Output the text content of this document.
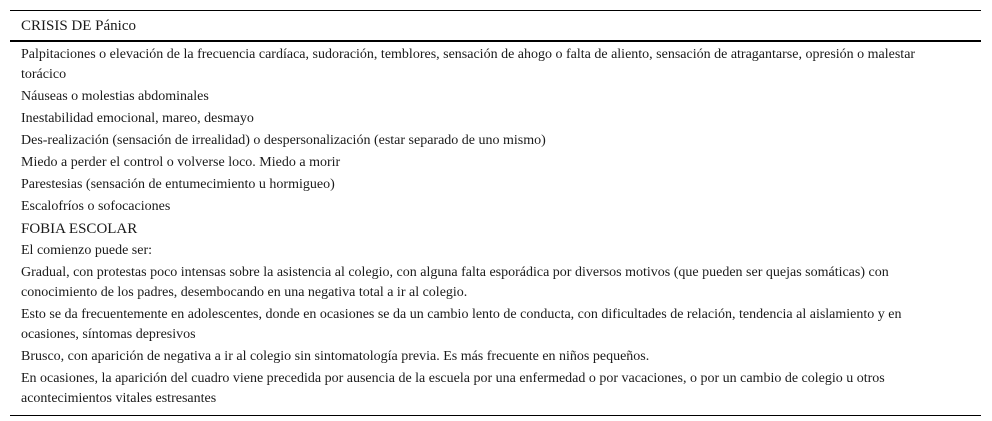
CRISIS DE Pánico
Palpitaciones o elevación de la frecuencia cardíaca, sudoración, temblores, sensación de ahogo o falta de aliento, sensación de atragantarse, opresión o malestar torácico
Náuseas o molestias abdominales
Inestabilidad emocional, mareo, desmayo
Des-realización (sensación de irrealidad) o despersonalización (estar separado de uno mismo)
Miedo a perder el control o volverse loco. Miedo a morir
Parestesias (sensación de entumecimiento u hormigueo)
Escalofríos o sofocaciones
FOBIA ESCOLAR
El comienzo puede ser:
Gradual, con protestas poco intensas sobre la asistencia al colegio, con alguna falta esporádica por diversos motivos (que pueden ser quejas somáticas) con conocimiento de los padres, desembocando en una negativa total a ir al colegio.
Esto se da frecuentemente en adolescentes, donde en ocasiones se da un cambio lento de conducta, con dificultades de relación, tendencia al aislamiento y en ocasiones, síntomas depresivos
Brusco, con aparición de negativa a ir al colegio sin sintomatología previa. Es más frecuente en niños pequeños.
En ocasiones, la aparición del cuadro viene precedida por ausencia de la escuela por una enfermedad o por vacaciones, o por un cambio de colegio u otros acontecimientos vitales estresantes
